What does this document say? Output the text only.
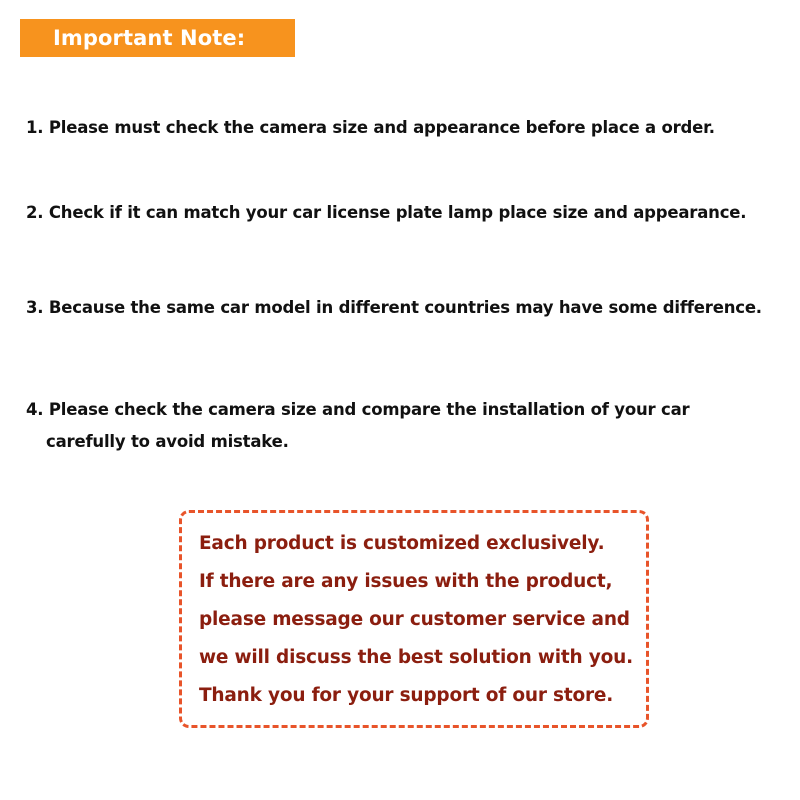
Important Note:
1. Please must check the camera size and appearance before place a order.
2. Check if it can match your car license plate lamp place size and appearance.
3. Because the same car model in different countries may have some difference.
4. Please check the camera size and compare the installation of your car
carefully to avoid mistake.
Each product is customized exclusively.
If there are any issues with the product,
please message our customer service and
we will discuss the best solution with you.
Thank you for your support of our store.
